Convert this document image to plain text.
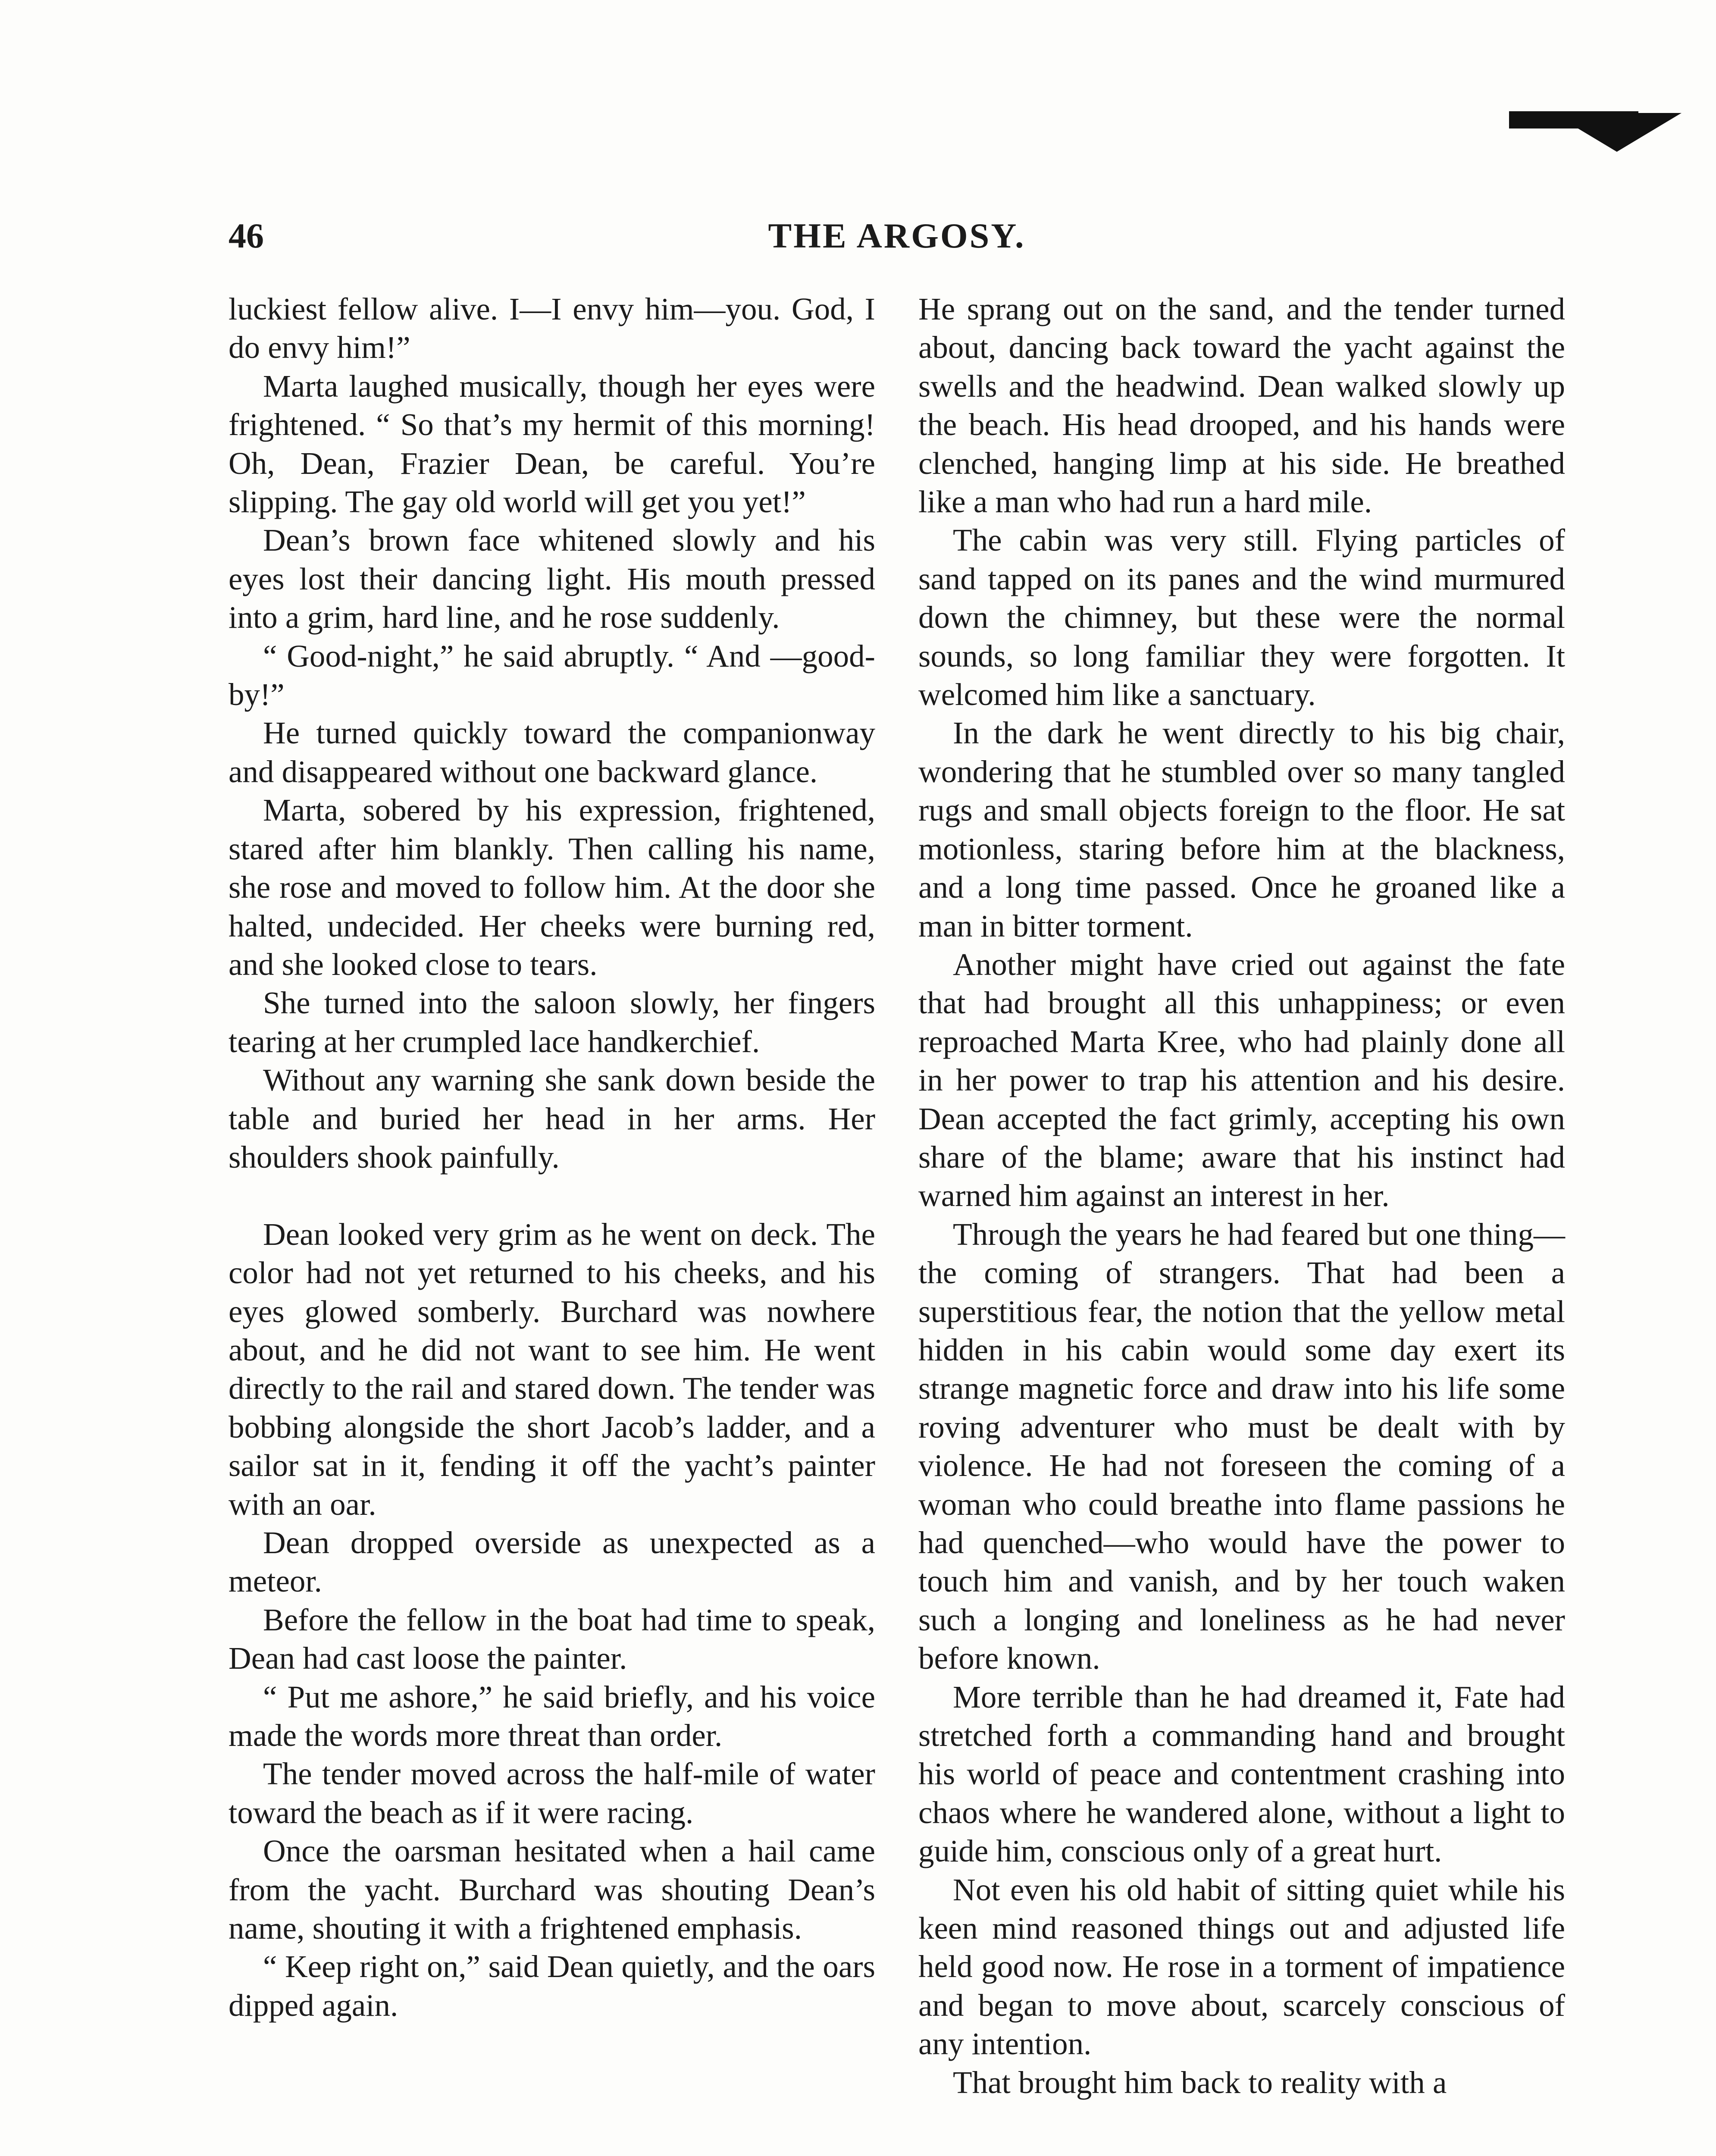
46	THE ARGOSY.

luckiest fellow alive. I—I envy him—you. God, I do envy him!”

Marta laughed musically, though her eyes were frightened. “ So that’s my hermit of this morning! Oh, Dean, Frazier Dean, be careful. You’re slipping. The gay old world will get you yet!”

Dean’s brown face whitened slowly and his eyes lost their dancing light. His mouth pressed into a grim, hard line, and he rose suddenly.

“ Good-night,” he said abruptly. “ And —good-by!”

He turned quickly toward the companionway and disappeared without one backward glance.

Marta, sobered by his expression, frightened, stared after him blankly. Then calling his name, she rose and moved to follow him. At the door she halted, undecided. Her cheeks were burning red, and she looked close to tears.

She turned into the saloon slowly, her fingers tearing at her crumpled lace handkerchief.

Without any warning she sank down beside the table and buried her head in her arms. Her shoulders shook painfully.

Dean looked very grim as he went on deck. The color had not yet returned to his cheeks, and his eyes glowed somberly. Burchard was nowhere about, and he did not want to see him. He went directly to the rail and stared down. The tender was bobbing alongside the short Jacob’s ladder, and a sailor sat in it, fending it off the yacht’s painter with an oar.

Dean dropped overside as unexpected as a meteor.

Before the fellow in the boat had time to speak, Dean had cast loose the painter.

“ Put me ashore,” he said briefly, and his voice made the words more threat than order.

The tender moved across the half-mile of water toward the beach as if it were racing.

Once the oarsman hesitated when a hail came from the yacht. Burchard was shouting Dean’s name, shouting it with a frightened emphasis.

“ Keep right on,” said Dean quietly, and the oars dipped again.

He sprang out on the sand, and the tender turned about, dancing back toward the yacht against the swells and the headwind. Dean walked slowly up the beach. His head drooped, and his hands were clenched, hanging limp at his side. He breathed like a man who had run a hard mile.

The cabin was very still. Flying particles of sand tapped on its panes and the wind murmured down the chimney, but these were the normal sounds, so long familiar they were forgotten. It welcomed him like a sanctuary.

In the dark he went directly to his big chair, wondering that he stumbled over so many tangled rugs and small objects foreign to the floor. He sat motionless, staring before him at the blackness, and a long time passed. Once he groaned like a man in bitter torment.

Another might have cried out against the fate that had brought all this unhappiness; or even reproached Marta Kree, who had plainly done all in her power to trap his attention and his desire. Dean accepted the fact grimly, accepting his own share of the blame; aware that his instinct had warned him against an interest in her.

Through the years he had feared but one thing—the coming of strangers. That had been a superstitious fear, the notion that the yellow metal hidden in his cabin would some day exert its strange magnetic force and draw into his life some roving adventurer who must be dealt with by violence. He had not foreseen the coming of a woman who could breathe into flame passions he had quenched—who would have the power to touch him and vanish, and by her touch waken such a longing and loneliness as he had never before known.

More terrible than he had dreamed it, Fate had stretched forth a commanding hand and brought his world of peace and contentment crashing into chaos where he wandered alone, without a light to guide him, conscious only of a great hurt.

Not even his old habit of sitting quiet while his keen mind reasoned things out and adjusted life held good now. He rose in a torment of impatience and began to move about, scarcely conscious of any intention.

That brought him back to reality with a
